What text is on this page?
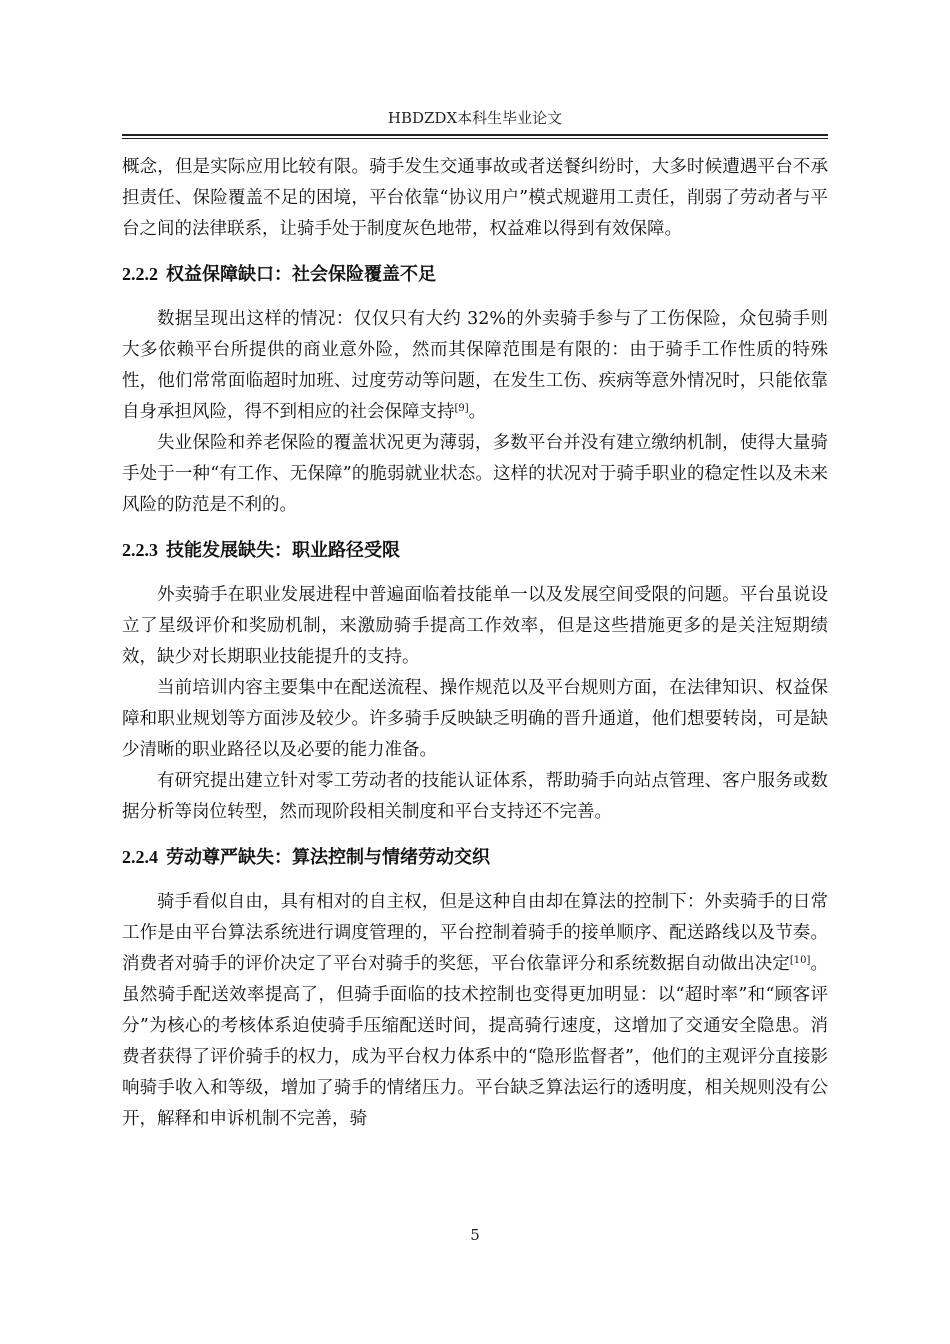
HBDZDX本科生毕业论文

概念，但是实际应用比较有限。骑手发生交通事故或者送餐纠纷时，大多时候遭遇平台不承担责任、保险覆盖不足的困境，平台依靠“协议用户”模式规避用工责任，削弱了劳动者与平台之间的法律联系，让骑手处于制度灰色地带，权益难以得到有效保障。

2.2.2 权益保障缺口：社会保险覆盖不足

数据呈现出这样的情况：仅仅只有大约 32%的外卖骑手参与了工伤保险，众包骑手则大多依赖平台所提供的商业意外险，然而其保障范围是有限的：由于骑手工作性质的特殊性，他们常常面临超时加班、过度劳动等问题，在发生工伤、疾病等意外情况时，只能依靠自身承担风险，得不到相应的社会保障支持[9]。

失业保险和养老保险的覆盖状况更为薄弱，多数平台并没有建立缴纳机制，使得大量骑手处于一种“有工作、无保障”的脆弱就业状态。这样的状况对于骑手职业的稳定性以及未来风险的防范是不利的。

2.2.3 技能发展缺失：职业路径受限

外卖骑手在职业发展进程中普遍面临着技能单一以及发展空间受限的问题。平台虽说设立了星级评价和奖励机制，来激励骑手提高工作效率，但是这些措施更多的是关注短期绩效，缺少对长期职业技能提升的支持。

当前培训内容主要集中在配送流程、操作规范以及平台规则方面，在法律知识、权益保障和职业规划等方面涉及较少。许多骑手反映缺乏明确的晋升通道，他们想要转岗，可是缺少清晰的职业路径以及必要的能力准备。

有研究提出建立针对零工劳动者的技能认证体系，帮助骑手向站点管理、客户服务或数据分析等岗位转型，然而现阶段相关制度和平台支持还不完善。

2.2.4 劳动尊严缺失：算法控制与情绪劳动交织

骑手看似自由，具有相对的自主权，但是这种自由却在算法的控制下：外卖骑手的日常工作是由平台算法系统进行调度管理的，平台控制着骑手的接单顺序、配送路线以及节奏。消费者对骑手的评价决定了平台对骑手的奖惩，平台依靠评分和系统数据自动做出决定[10]。虽然骑手配送效率提高了，但骑手面临的技术控制也变得更加明显：以“超时率”和“顾客评分”为核心的考核体系迫使骑手压缩配送时间，提高骑行速度，这增加了交通安全隐患。消费者获得了评价骑手的权力，成为平台权力体系中的“隐形监督者”，他们的主观评分直接影响骑手收入和等级，增加了骑手的情绪压力。平台缺乏算法运行的透明度，相关规则没有公开，解释和申诉机制不完善，骑

5
